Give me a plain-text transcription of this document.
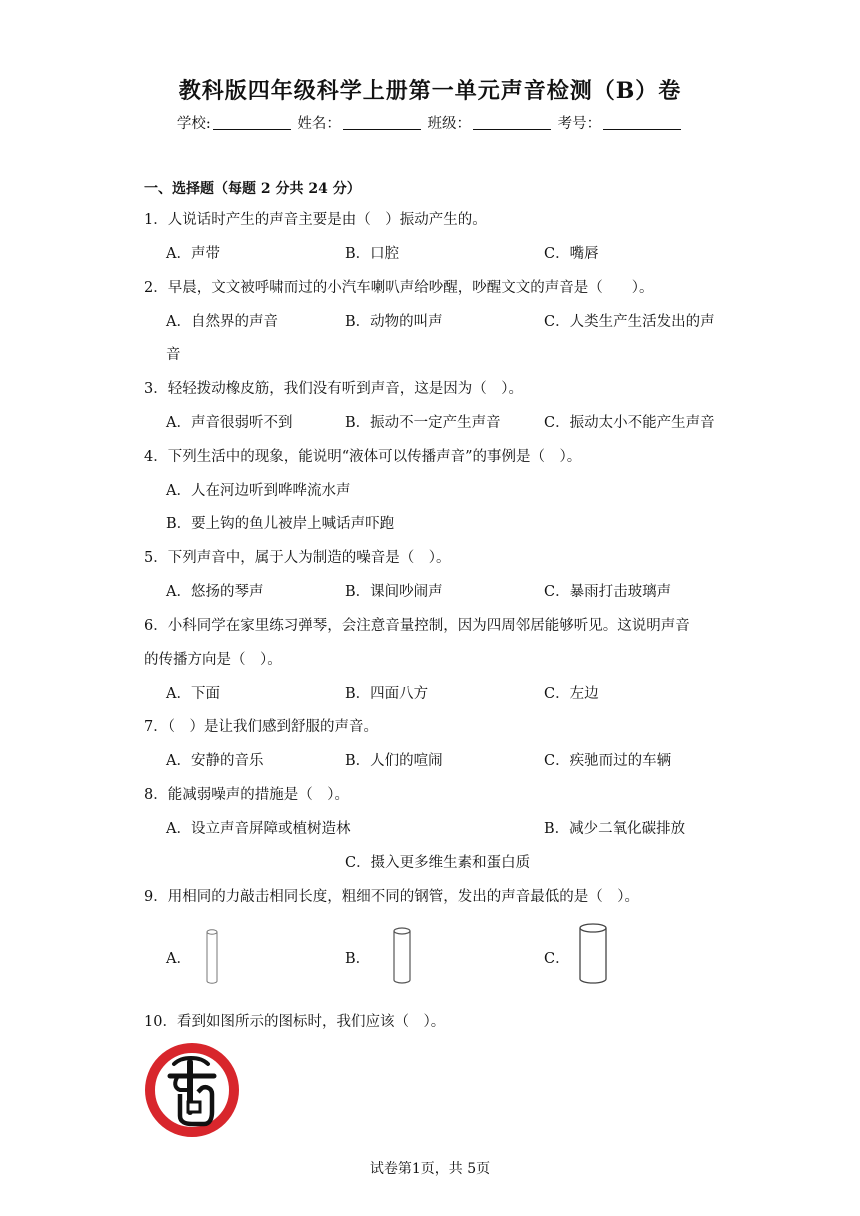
教科版四年级科学上册第一单元声音检测（B）卷
学校:	姓名：	班级：	考号：
一、选择题（每题 2 分共 24 分）
1．人说话时产生的声音主要是由（　）振动产生的。
A．声带	B．口腔	C．嘴唇
2．早晨，文文被呼啸而过的小汽车喇叭声给吵醒，吵醒文文的声音是（　　）。
A．自然界的声音	B．动物的叫声	C．人类生产生活发出的声
音
3．轻轻拨动橡皮筋，我们没有听到声音，这是因为（　）。
A．声音很弱听不到	B．振动不一定产生声音	C．振动太小不能产生声音
4．下列生活中的现象，能说明“液体可以传播声音”的事例是（　）。
A．人在河边听到哗哗流水声
B．要上钩的鱼儿被岸上喊话声吓跑
5．下列声音中，属于人为制造的噪音是（　）。
A．悠扬的琴声	B．课间吵闹声	C．暴雨打击玻璃声
6．小科同学在家里练习弹琴，会注意音量控制，因为四周邻居能够听见。这说明声音
的传播方向是（　）。
A．下面	B．四面八方	C．左边
7．（　）是让我们感到舒服的声音。
A．安静的音乐	B．人们的喧闹	C．疾驰而过的车辆
8．能减弱噪声的措施是（　）。
A．设立声音屏障或植树造林	B．减少二氧化碳排放
C．摄入更多维生素和蛋白质
9．用相同的力敲击相同长度，粗细不同的钢管，发出的声音最低的是（　）。
A．	B．	C．
10．看到如图所示的图标时，我们应该（　）。
试卷第1页，共 5页
